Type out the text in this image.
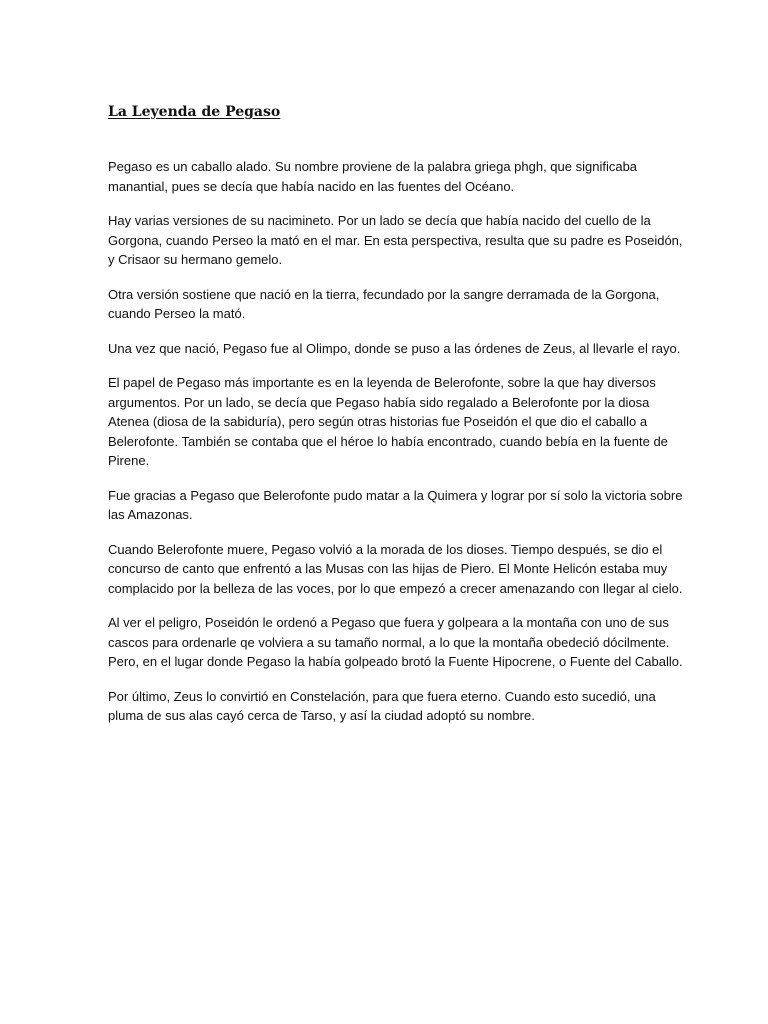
La Leyenda de Pegaso

Pegaso es un caballo alado. Su nombre proviene de la palabra griega phgh, que significaba
manantial, pues se decía que había nacido en las fuentes del Océano.

Hay varias versiones de su nacimineto. Por un lado se decía que había nacido del cuello de la
Gorgona, cuando Perseo la mató en el mar. En esta perspectiva, resulta que su padre es Poseidón,
y Crisaor su hermano gemelo.

Otra versión sostiene que nació en la tierra, fecundado por la sangre derramada de la Gorgona,
cuando Perseo la mató.

Una vez que nació, Pegaso fue al Olimpo, donde se puso a las órdenes de Zeus, al llevarle el rayo.

El papel de Pegaso más importante es en la leyenda de Belerofonte, sobre la que hay diversos
argumentos. Por un lado, se decía que Pegaso había sido regalado a Belerofonte por la diosa
Atenea (diosa de la sabiduría), pero según otras historias fue Poseidón el que dio el caballo a
Belerofonte. También se contaba que el héroe lo había encontrado, cuando bebía en la fuente de
Pirene.

Fue gracias a Pegaso que Belerofonte pudo matar a la Quimera y lograr por sí solo la victoria sobre
las Amazonas.

Cuando Belerofonte muere, Pegaso volvió a la morada de los dioses. Tiempo después, se dio el
concurso de canto que enfrentó a las Musas con las hijas de Piero. El Monte Helicón estaba muy
complacido por la belleza de las voces, por lo que empezó a crecer amenazando con llegar al cielo.

Al ver el peligro, Poseidón le ordenó a Pegaso que fuera y golpeara a la montaña con uno de sus
cascos para ordenarle qe volviera a su tamaño normal, a lo que la montaña obedeció dócilmente.
Pero, en el lugar donde Pegaso la había golpeado brotó la Fuente Hipocrene, o Fuente del Caballo.

Por último, Zeus lo convirtió en Constelación, para que fuera eterno. Cuando esto sucedió, una
pluma de sus alas cayó cerca de Tarso, y así la ciudad adoptó su nombre.
